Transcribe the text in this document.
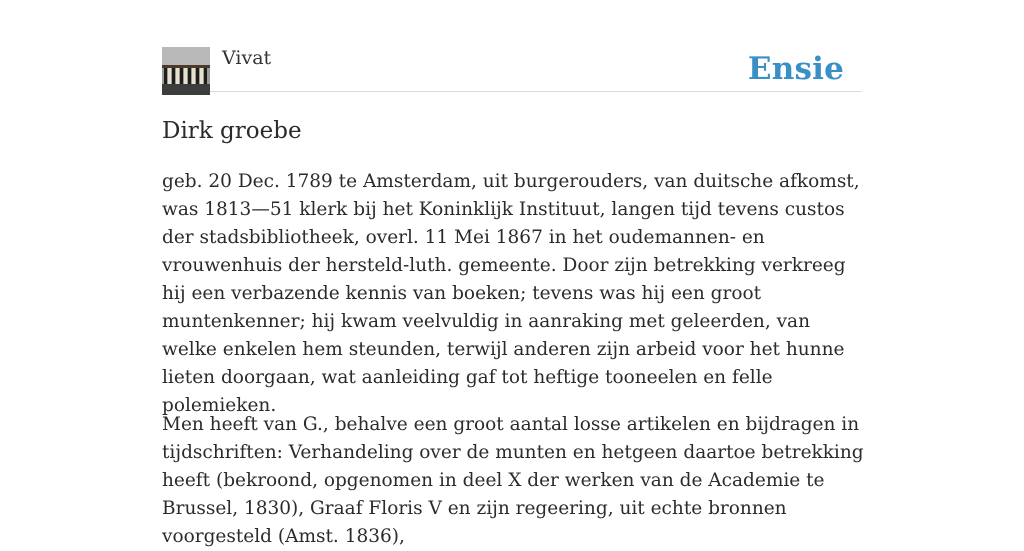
Vivat	Ensie
Dirk groebe

geb. 20 Dec. 1789 te Amsterdam, uit burgerouders, van duitsche afkomst, was 1813—51 klerk bij het Koninklijk Instituut, langen tijd tevens custos der stadsbibliotheek, overl. 11 Mei 1867 in het oudemannen- en vrouwenhuis der hersteld-luth. gemeente. Door zijn betrekking verkreeg hij een verbazende kennis van boeken; tevens was hij een groot muntenkenner; hij kwam veelvuldig in aanraking met geleerden, van welke enkelen hem steunden, terwijl anderen zijn arbeid voor het hunne lieten doorgaan, wat aanleiding gaf tot heftige tooneelen en felle polemieken.

Men heeft van G., behalve een groot aantal losse artikelen en bijdragen in tijdschriften: Verhandeling over de munten en hetgeen daartoe betrekking heeft (bekroond, opgenomen in deel X der werken van de Academie te Brussel, 1830), Graaf Floris V en zijn regeering, uit echte bronnen voorgesteld (Amst. 1836),
